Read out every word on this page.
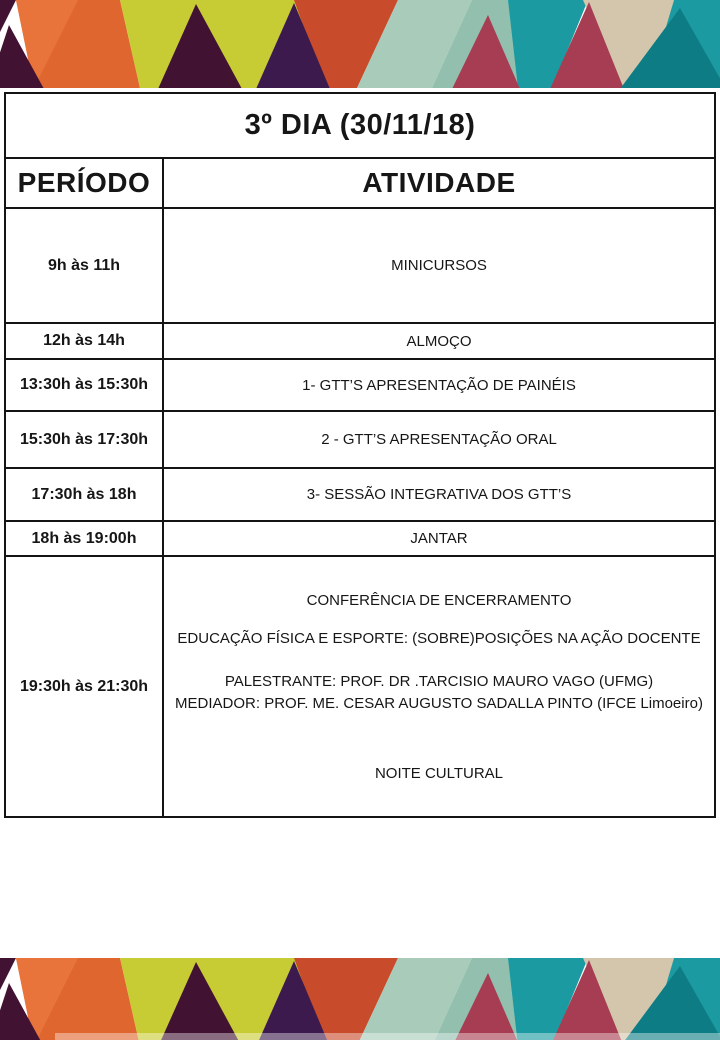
3º DIA (30/11/18)	
PERÍODO	ATIVIDADE
9h às 11h	MINICURSOS
12h às 14h	ALMOÇO
13:30h às 15:30h	1- GTT’S APRESENTAÇÃO DE PAINÉIS
15:30h às 17:30h	2 - GTT’S APRESENTAÇÃO ORAL
17:30h às 18h	3- SESSÃO INTEGRATIVA DOS GTT’S
18h às 19:00h	JANTAR
19:30h às 21:30h	CONFERÊNCIA DE ENCERRAMENTO
EDUCAÇÃO FÍSICA E ESPORTE: (SOBRE)POSIÇÕES NA AÇÃO DOCENTE
PALESTRANTE: PROF. DR .TARCISIO MAURO VAGO (UFMG)
MEDIADOR: PROF. ME. CESAR AUGUSTO SADALLA PINTO (IFCE Limoeiro)
NOITE CULTURAL
